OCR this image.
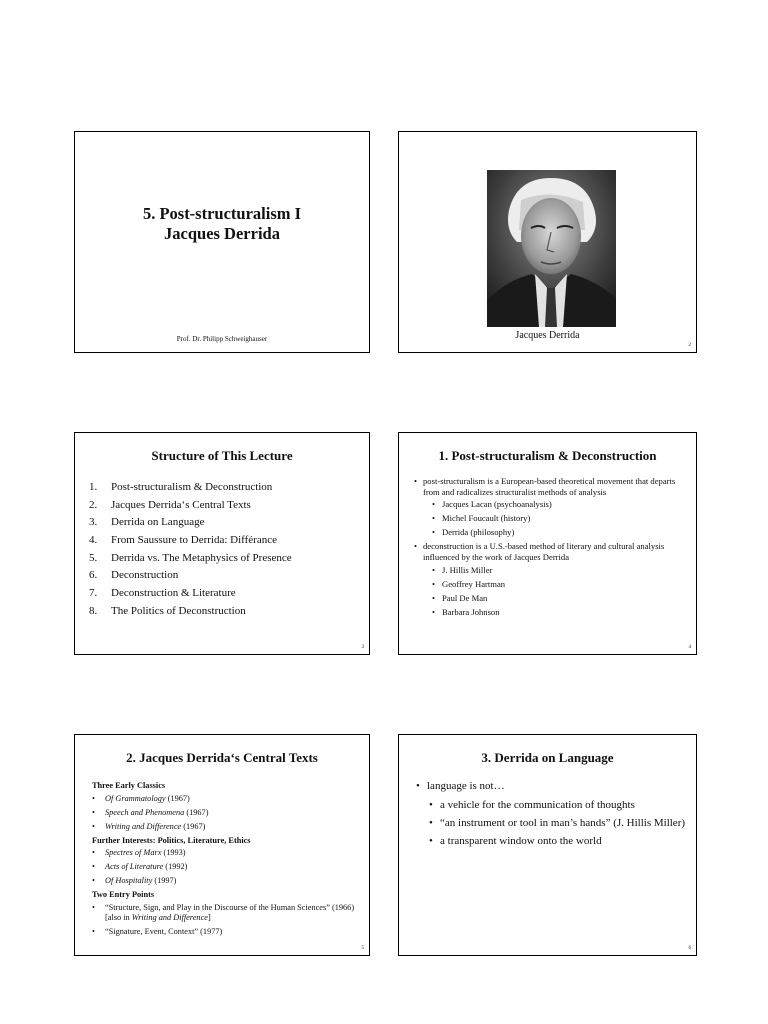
5. Post-structuralism I
Jacques Derrida
Prof. Dr. Philipp Schweighauser	Jacques Derrida
2
Structure of This Lecture
1. Post-structuralism & Deconstruction
2. Jacques Derrida‘s Central Texts
3. Derrida on Language
4. From Saussure to Derrida: Différance
5. Derrida vs. The Metaphysics of Presence
6. Deconstruction
7. Deconstruction & Literature
8. The Politics of Deconstruction
3
1. Post-structuralism & Deconstruction
• post-structuralism is a European-based theoretical movement that departs from and radicalizes structuralist methods of analysis
• Jacques Lacan (psychoanalysis)
• Michel Foucault (history)
• Derrida (philosophy)
• deconstruction is a U.S.-based method of literary and cultural analysis influenced by the work of Jacques Derrida
• J. Hillis Miller
• Geoffrey Hartman
• Paul De Man
• Barbara Johnson
4
2. Jacques Derrida‘s Central Texts
Three Early Classics
• Of Grammatology (1967)
• Speech and Phenomena (1967)
• Writing and Difference (1967)
Further Interests: Politics, Literature, Ethics
• Spectres of Marx (1993)
• Acts of Literature (1992)
• Of Hospitality (1997)
Two Entry Points
• “Structure, Sign, and Play in the Discourse of the Human Sciences” (1966) [also in Writing and Difference]
• “Signature, Event, Context” (1977)
5
3. Derrida on Language
• language is not…
• a vehicle for the communication of thoughts
• “an instrument or tool in man’s hands” (J. Hillis Miller)
• a transparent window onto the world
6
